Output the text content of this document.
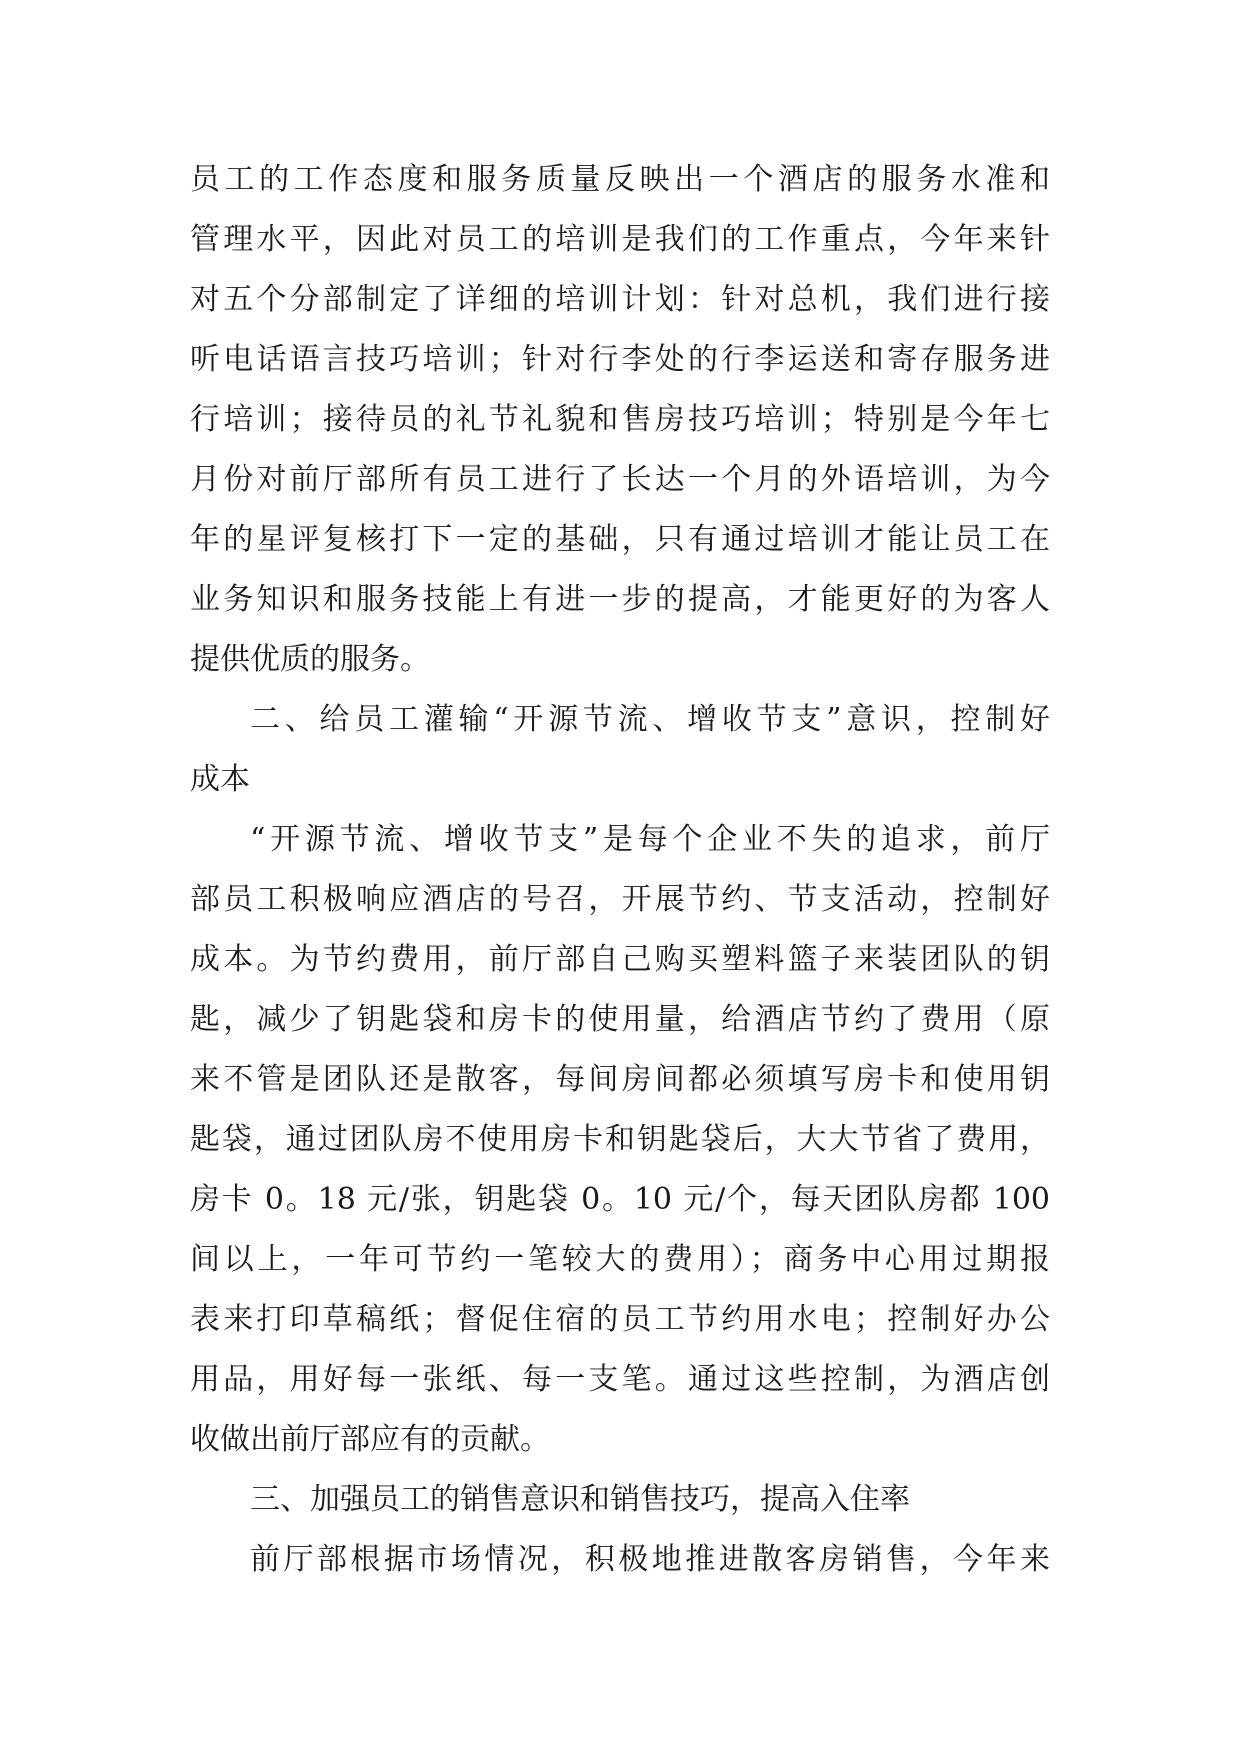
员工的工作态度和服务质量反映出一个酒店的服务水准和
管理水平，因此对员工的培训是我们的工作重点，今年来针
对五个分部制定了详细的培训计划：针对总机，我们进行接
听电话语言技巧培训；针对行李处的行李运送和寄存服务进
行培训；接待员的礼节礼貌和售房技巧培训；特别是今年七
月份对前厅部所有员工进行了长达一个月的外语培训，为今
年的星评复核打下一定的基础，只有通过培训才能让员工在
业务知识和服务技能上有进一步的提高，才能更好的为客人
提供优质的服务。
二、给员工灌输“开源节流、增收节支”意识，控制好
成本
“开源节流、增收节支”是每个企业不失的追求，前厅
部员工积极响应酒店的号召，开展节约、节支活动，控制好
成本。为节约费用，前厅部自己购买塑料篮子来装团队的钥
匙，减少了钥匙袋和房卡的使用量，给酒店节约了费用（原
来不管是团队还是散客，每间房间都必须填写房卡和使用钥
匙袋，通过团队房不使用房卡和钥匙袋后，大大节省了费用，
房卡 0。18 元/张，钥匙袋 0。10 元/个，每天团队房都 100
间以上，一年可节约一笔较大的费用）；商务中心用过期报
表来打印草稿纸；督促住宿的员工节约用水电；控制好办公
用品，用好每一张纸、每一支笔。通过这些控制，为酒店创
收做出前厅部应有的贡献。
三、加强员工的销售意识和销售技巧，提高入住率
前厅部根据市场情况，积极地推进散客房销售，今年来
